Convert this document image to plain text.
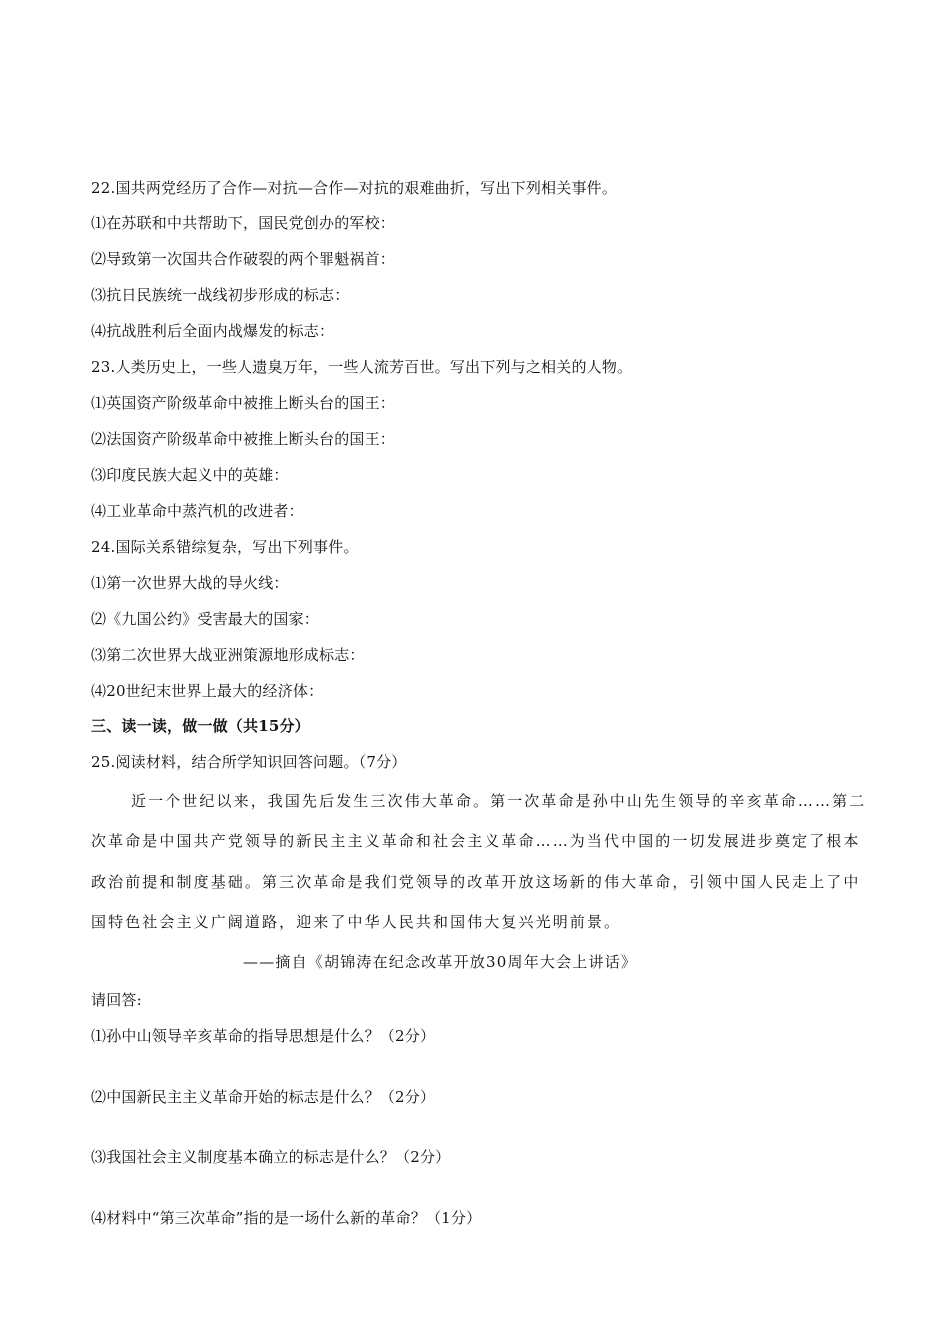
22.国共两党经历了合作—对抗—合作—对抗的艰难曲折，写出下列相关事件。
⑴在苏联和中共帮助下，国民党创办的军校：
⑵导致第一次国共合作破裂的两个罪魁祸首：
⑶抗日民族统一战线初步形成的标志：
⑷抗战胜利后全面内战爆发的标志：
23.人类历史上，一些人遗臭万年，一些人流芳百世。写出下列与之相关的人物。
⑴英国资产阶级革命中被推上断头台的国王：
⑵法国资产阶级革命中被推上断头台的国王：
⑶印度民族大起义中的英雄：
⑷工业革命中蒸汽机的改进者：
24.国际关系错综复杂，写出下列事件。
⑴第一次世界大战的导火线：
⑵《九国公约》受害最大的国家：
⑶第二次世界大战亚洲策源地形成标志：
⑷20世纪末世界上最大的经济体：
三、读一读，做一做（共15分）
25.阅读材料，结合所学知识回答问题。（7分）
近一个世纪以来，我国先后发生三次伟大革命。第一次革命是孙中山先生领导的辛亥革命……第二
次革命是中国共产党领导的新民主主义革命和社会主义革命……为当代中国的一切发展进步奠定了根本
政治前提和制度基础。第三次革命是我们党领导的改革开放这场新的伟大革命，引领中国人民走上了中
国特色社会主义广阔道路，迎来了中华人民共和国伟大复兴光明前景。
——摘自《胡锦涛在纪念改革开放30周年大会上讲话》
请回答:
⑴孙中山领导辛亥革命的指导思想是什么？（2分）
⑵中国新民主主义革命开始的标志是什么？（2分）
⑶我国社会主义制度基本确立的标志是什么？（2分）
⑷材料中“第三次革命”指的是一场什么新的革命？（1分）
